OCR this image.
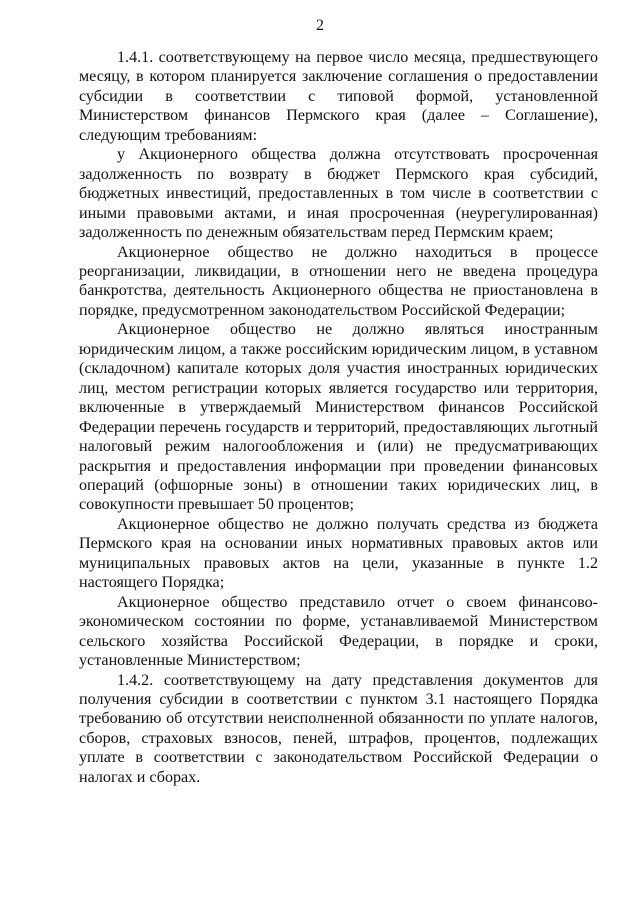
2

1.4.1. соответствующему на первое число месяца, предшествующего месяцу, в котором планируется заключение соглашения о предоставлении субсидии в соответствии с типовой формой, установленной Министерством финансов Пермского края (далее – Соглашение), следующим требованиям:

у Акционерного общества должна отсутствовать просроченная задолженность по возврату в бюджет Пермского края субсидий, бюджетных инвестиций, предоставленных в том числе в соответствии с иными правовыми актами, и иная просроченная (неурегулированная) задолженность по денежным обязательствам перед Пермским краем;

Акционерное общество не должно находиться в процессе реорганизации, ликвидации, в отношении него не введена процедура банкротства, деятельность Акционерного общества не приостановлена в порядке, предусмотренном законодательством Российской Федерации;

Акционерное общество не должно являться иностранным юридическим лицом, а также российским юридическим лицом, в уставном (складочном) капитале которых доля участия иностранных юридических лиц, местом регистрации которых является государство или территория, включенные в утверждаемый Министерством финансов Российской Федерации перечень государств и территорий, предоставляющих льготный налоговый режим налогообложения и (или) не предусматривающих раскрытия и предоставления информации при проведении финансовых операций (офшорные зоны) в отношении таких юридических лиц, в совокупности превышает 50 процентов;

Акционерное общество не должно получать средства из бюджета Пермского края на основании иных нормативных правовых актов или муниципальных правовых актов на цели, указанные в пункте 1.2 настоящего Порядка;

Акционерное общество представило отчет о своем финансово-экономическом состоянии по форме, устанавливаемой Министерством сельского хозяйства Российской Федерации, в порядке и сроки, установленные Министерством;

1.4.2. соответствующему на дату представления документов для получения субсидии в соответствии с пунктом 3.1 настоящего Порядка требованию об отсутствии неисполненной обязанности по уплате налогов, сборов, страховых взносов, пеней, штрафов, процентов, подлежащих уплате в соответствии с законодательством Российской Федерации о налогах и сборах.
